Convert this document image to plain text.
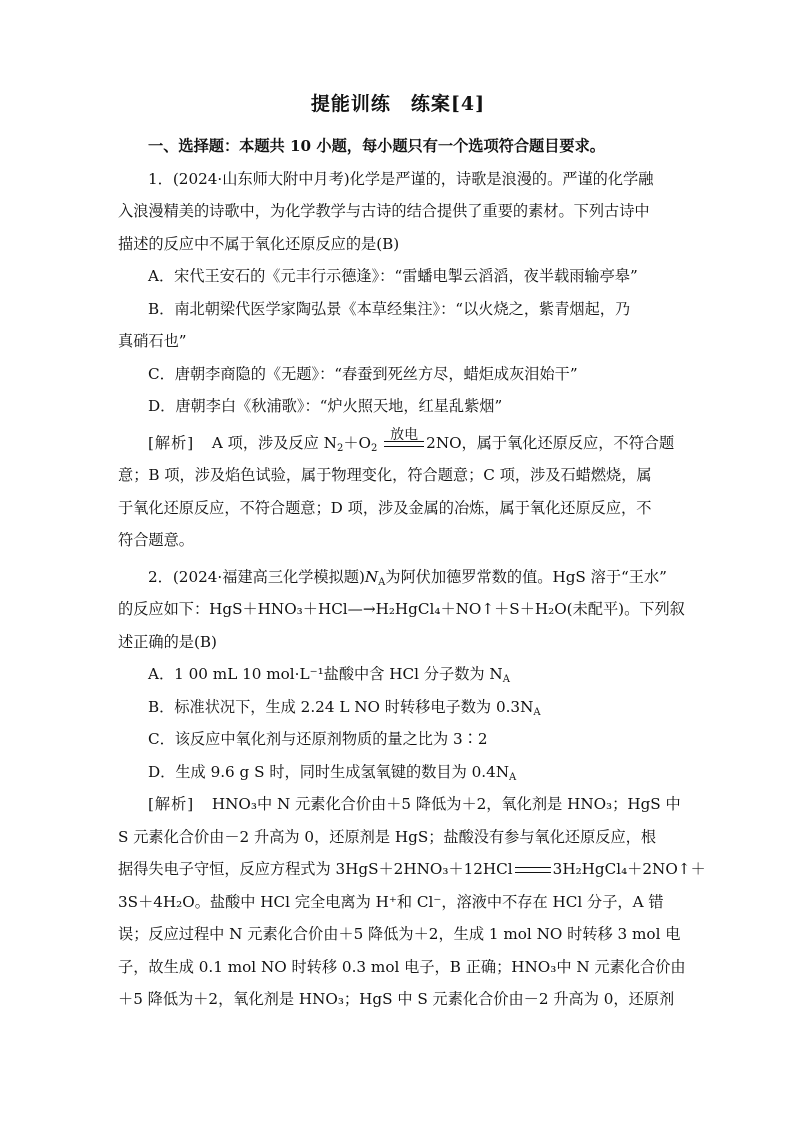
提能训练　练案[4]
一、选择题：本题共 10 小题，每小题只有一个选项符合题目要求。
1．(2024·山东师大附中月考)化学是严谨的，诗歌是浪漫的。严谨的化学融
入浪漫精美的诗歌中，为化学教学与古诗的结合提供了重要的素材。下列古诗中
描述的反应中不属于氧化还原反应的是(B)
A．宋代王安石的《元丰行示德逢》：“雷蟠电掣云滔滔，夜半载雨输亭皋”
B．南北朝梁代医学家陶弘景《本草经集注》：“以火烧之，紫青烟起，乃
真硝石也”
C．唐朝李商隐的《无题》：“春蚕到死丝方尽，蜡炬成灰泪始干”
D．唐朝李白《秋浦歌》：“炉火照天地，红星乱紫烟”
[解析] A 项，涉及反应 $N_2+O_2$
放电 2NO，属于氧化还原反应，不符合题
意；B 项，涉及焰色试验，属于物理变化，符合题意；C 项，涉及石蜡燃烧，属
于氧化还原反应，不符合题意；D 项，涉及金属的冶炼，属于氧化还原反应，不
符合题意。
2．(2024·福建高三化学模拟题)$N_A$为阿伏加德罗常数的值。HgS 溶于“王水”
的反应如下：HgS＋HNO₃＋HCl—→H₂HgCl₄＋NO↑＋S＋H₂O(未配平)。下列叙
述正确的是(B)
A．1 00 mL 10 mol·L⁻¹盐酸中含 HCl 分子数为 $N_A$
B．标准状况下，生成 2.24 L NO 时转移电子数为 $0.3N_A$
C．该反应中氧化剂与还原剂物质的量之比为 3∶2
D．生成 9.6 g S 时，同时生成氢氧键的数目为 $0.4N_A$
[解析] HNO₃中 N 元素化合价由＋5 降低为＋2，氧化剂是 HNO₃；HgS 中
S 元素化合价由－2 升高为 0，还原剂是 HgS；盐酸没有参与氧化还原反应，根
据得失电子守恒，反应方程式为 3HgS＋2HNO₃＋12HCl	3H₂HgCl₄＋2NO↑＋
3S＋4H₂O。盐酸中 HCl 完全电离为 H⁺和 Cl⁻，溶液中不存在 HCl 分子，A 错
误；反应过程中 N 元素化合价由＋5 降低为＋2，生成 1 mol NO 时转移 3 mol 电
子，故生成 0.1 mol NO 时转移 0.3 mol 电子，B 正确；HNO₃中 N 元素化合价由
＋5 降低为＋2，氧化剂是 HNO₃；HgS 中 S 元素化合价由－2 升高为 0，还原剂
